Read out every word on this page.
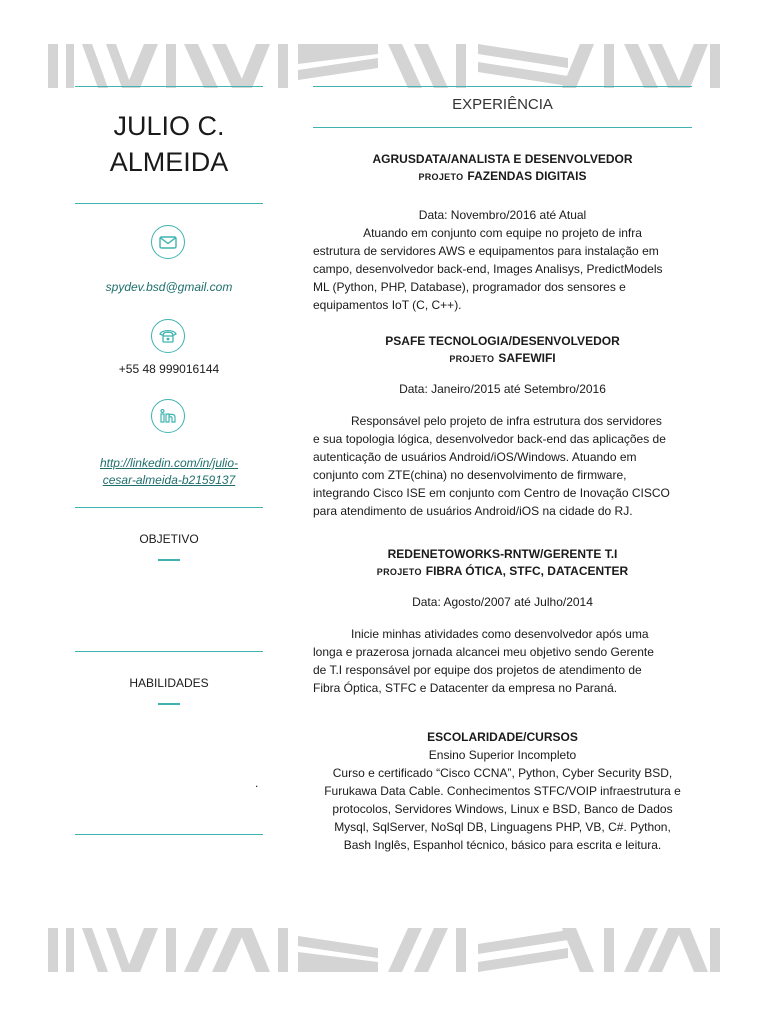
JULIO C.
ALMEIDA
spydev.bsd@gmail.com
+55 48 999016144
http://linkedin.com/in/julio-
cesar-almeida-b2159137
OBJETIVO
HABILIDADES
.
EXPERIÊNCIA
AGRUSDATA/ANALISTA E DESENVOLVEDOR
PROJETO FAZENDAS DIGITAIS
Data: Novembro/2016 até Atual
Atuando em conjunto com equipe no projeto de infra
estrutura de servidores AWS e equipamentos para instalação em
campo, desenvolvedor back-end, Images Analisys, PredictModels
ML (Python, PHP, Database), programador dos sensores e
equipamentos IoT (C, C++).
PSAFE TECNOLOGIA/DESENVOLVEDOR
PROJETO SAFEWIFI
Data: Janeiro/2015 até Setembro/2016
Responsável pelo projeto de infra estrutura dos servidores
e sua topologia lógica, desenvolvedor back-end das aplicações de
autenticação de usuários Android/iOS/Windows. Atuando em
conjunto com ZTE(china) no desenvolvimento de firmware,
integrando Cisco ISE em conjunto com Centro de Inovação CISCO
para atendimento de usuários Android/iOS na cidade do RJ.
REDENETOWORKS-RNTW/GERENTE T.I
PROJETO FIBRA ÓTICA, STFC, DATACENTER
Data: Agosto/2007 até Julho/2014
Inicie minhas atividades como desenvolvedor após uma
longa e prazerosa jornada alcancei meu objetivo sendo Gerente
de T.I responsável por equipe dos projetos de atendimento de
Fibra Óptica, STFC e Datacenter da empresa no Paraná.
ESCOLARIDADE/CURSOS
Ensino Superior Incompleto
Curso e certificado “Cisco CCNA”, Python, Cyber Security BSD,
Furukawa Data Cable. Conhecimentos STFC/VOIP infraestrutura e
protocolos, Servidores Windows, Linux e BSD, Banco de Dados
Mysql, SqlServer, NoSql DB, Linguagens PHP, VB, C#. Python,
Bash Inglês, Espanhol técnico, básico para escrita e leitura.
